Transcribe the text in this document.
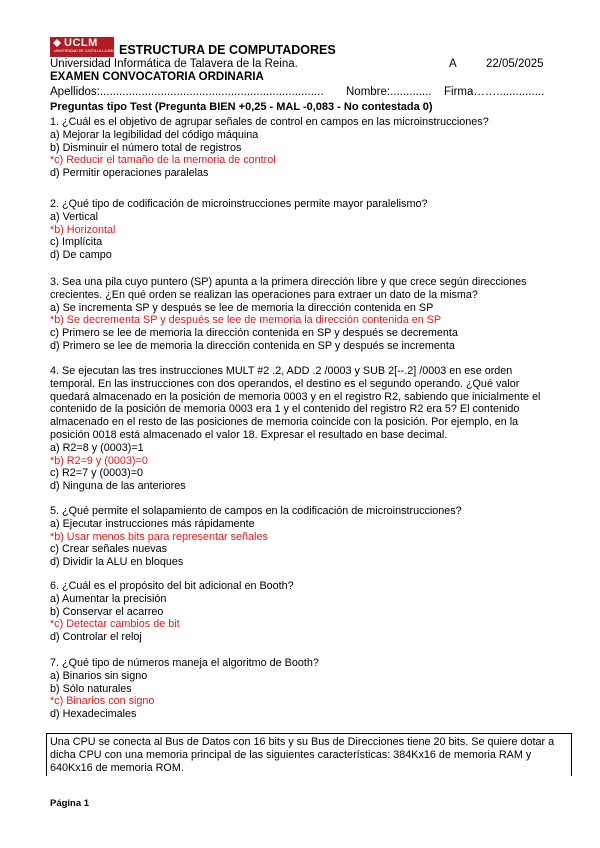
UCLM
UNIVERSIDAD DE CASTILLA-LA MANCHA
ESTRUCTURA DE COMPUTADORES
Universidad Informática de Talavera de la Reina.	A	22/05/2025
EXAMEN CONVOCATORIA ORDINARIA
Apellidos:...................................................................... Nombre:............. Firma……...............
Preguntas tipo Test (Pregunta BIEN +0,25 - MAL -0,083 - No contestada 0)

1. ¿Cuál es el objetivo de agrupar señales de control en campos en las microinstrucciones?

a) Mejorar la legibilidad del código máquina

b) Disminuir el número total de registros

*c) Reducir el tamaño de la memoria de control

d) Permitir operaciones paralelas

2. ¿Qué tipo de codificación de microinstrucciones permite mayor paralelismo?

a) Vertical

*b) Horizontal

c) Implícita

d) De campo

3. Sea una pila cuyo puntero (SP) apunta a la primera dirección libre y que crece según direcciones crecientes. ¿En qué orden se realizan las operaciones para extraer un dato de la misma?

a) Se incrementa SP y después se lee de memoria la dirección contenida en SP

*b) Se decrementa SP y después se lee de memoria la dirección contenida en SP

c) Primero se lee de memoria la dirección contenida en SP y después se decrementa

d) Primero se lee de memoria la dirección contenida en SP y después se incrementa

4. Se ejecutan las tres instrucciones MULT #2 .2, ADD .2 /0003 y SUB 2[--.2] /0003 en ese orden temporal. En las instrucciones con dos operandos, el destino es el segundo operando. ¿Qué valor quedará almacenado en la posición de memoria 0003 y en el registro R2, sabiendo que inicialmente el contenido de la posición de memoria 0003 era 1 y el contenido del registro R2 era 5? El contenido almacenado en el resto de las posiciones de memoria coincide con la posición. Por ejemplo, en la posición 0018 está almacenado el valor 18. Expresar el resultado en base decimal.

a) R2=8 y (0003)=1

*b) R2=9 y (0003)=0

c) R2=7 y (0003)=0

d) Ninguna de las anteriores

5. ¿Qué permite el solapamiento de campos en la codificación de microinstrucciones?

a) Ejecutar instrucciones más rápidamente

*b) Usar menos bits para representar señales

c) Crear señales nuevas

d) Dividir la ALU en bloques

6. ¿Cuál es el propósito del bit adicional en Booth?

a) Aumentar la precisión

b) Conservar el acarreo

*c) Detectar cambios de bit

d) Controlar el reloj

7. ¿Qué tipo de números maneja el algoritmo de Booth?

a) Binarios sin signo

b) Sólo naturales

*c) Binarios con signo

d) Hexadecimales

Una CPU se conecta al Bus de Datos con 16 bits y su Bus de Direcciones tiene 20 bits. Se quiere dotar a dicha CPU con una memoria principal de las siguientes características: 384Kx16 de memoria RAM y 640Kx16 de memoria ROM.

Página 1
